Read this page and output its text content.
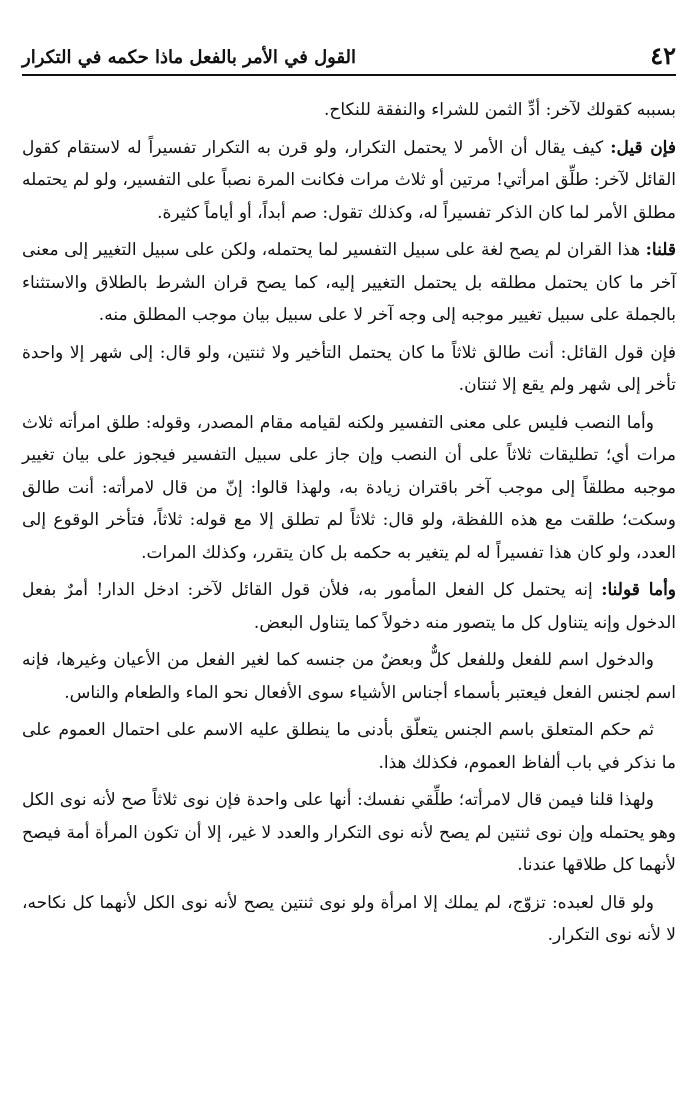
٤٢
القول في الأمر بالفعل ماذا حكمه في التكرار

بسببه كقولك لآخر: أدِّ الثمن للشراء والنفقة للنكاح.

فإن قيل: كيف يقال أن الأمر لا يحتمل التكرار، ولو قرن به التكرار تفسيراً له لاستقام كقول القائل لآخر: طلِّق امرأتي! مرتين أو ثلاث مرات فكانت المرة نصباً على التفسير، ولو لم يحتمله مطلق الأمر لما كان الذكر تفسيراً له، وكذلك تقول: صم أبداً، أو أياماً كثيرة.

قلنا: هذا القران لم يصح لغة على سبيل التفسير لما يحتمله، ولكن على سبيل التغيير إلى معنى آخر ما كان يحتمل مطلقه بل يحتمل التغيير إليه، كما يصح قران الشرط بالطلاق والاستثناء بالجملة على سبيل تغيير موجبه إلى وجه آخر لا على سبيل بيان موجب المطلق منه.

فإن قول القائل: أنت طالق ثلاثاً ما كان يحتمل التأخير ولا ثنتين، ولو قال: إلى شهر إلا واحدة تأخر إلى شهر ولم يقع إلا ثنتان.

وأما النصب فليس على معنى التفسير ولكنه لقيامه مقام المصدر، وقوله: طلق امرأته ثلاث مرات أي؛ تطليقات ثلاثاً على أن النصب وإن جاز على سبيل التفسير فيجوز على بيان تغيير موجبه مطلقاً إلى موجب آخر باقتران زيادة به، ولهذا قالوا: إنّ من قال لامرأته: أنت طالق وسكت؛ طلقت مع هذه اللفظة، ولو قال: ثلاثاً لم تطلق إلا مع قوله: ثلاثاً، فتأخر الوقوع إلى العدد، ولو كان هذا تفسيراً له لم يتغير به حكمه بل كان يتقرر، وكذلك المرات.

وأما قولنا: إنه يحتمل كل الفعل المأمور به، فلأن قول القائل لآخر: ادخل الدار! أمرٌ بفعل الدخول وإنه يتناول كل ما يتصور منه دخولاً كما يتناول البعض.

والدخول اسم للفعل وللفعل كلٌّ وبعضٌ من جنسه كما لغير الفعل من الأعيان وغيرها، فإنه اسم لجنس الفعل فيعتبر بأسماء أجناس الأشياء سوى الأفعال نحو الماء والطعام والناس.

ثم حكم المتعلق باسم الجنس يتعلّق بأدنى ما ينطلق عليه الاسم على احتمال العموم على ما نذكر في باب ألفاظ العموم، فكذلك هذا.

ولهذا قلنا فيمن قال لامرأته؛ طلِّقي نفسك: أنها على واحدة فإن نوى ثلاثاً صح لأنه نوى الكل وهو يحتمله وإن نوى ثنتين لم يصح لأنه نوى التكرار والعدد لا غير، إلا أن تكون المرأة أمة فيصح لأنهما كل طلاقها عندنا.

ولو قال لعبده: تزوّج، لم يملك إلا امرأة ولو نوى ثنتين يصح لأنه نوى الكل لأنهما كل نكاحه، لا لأنه نوى التكرار.
